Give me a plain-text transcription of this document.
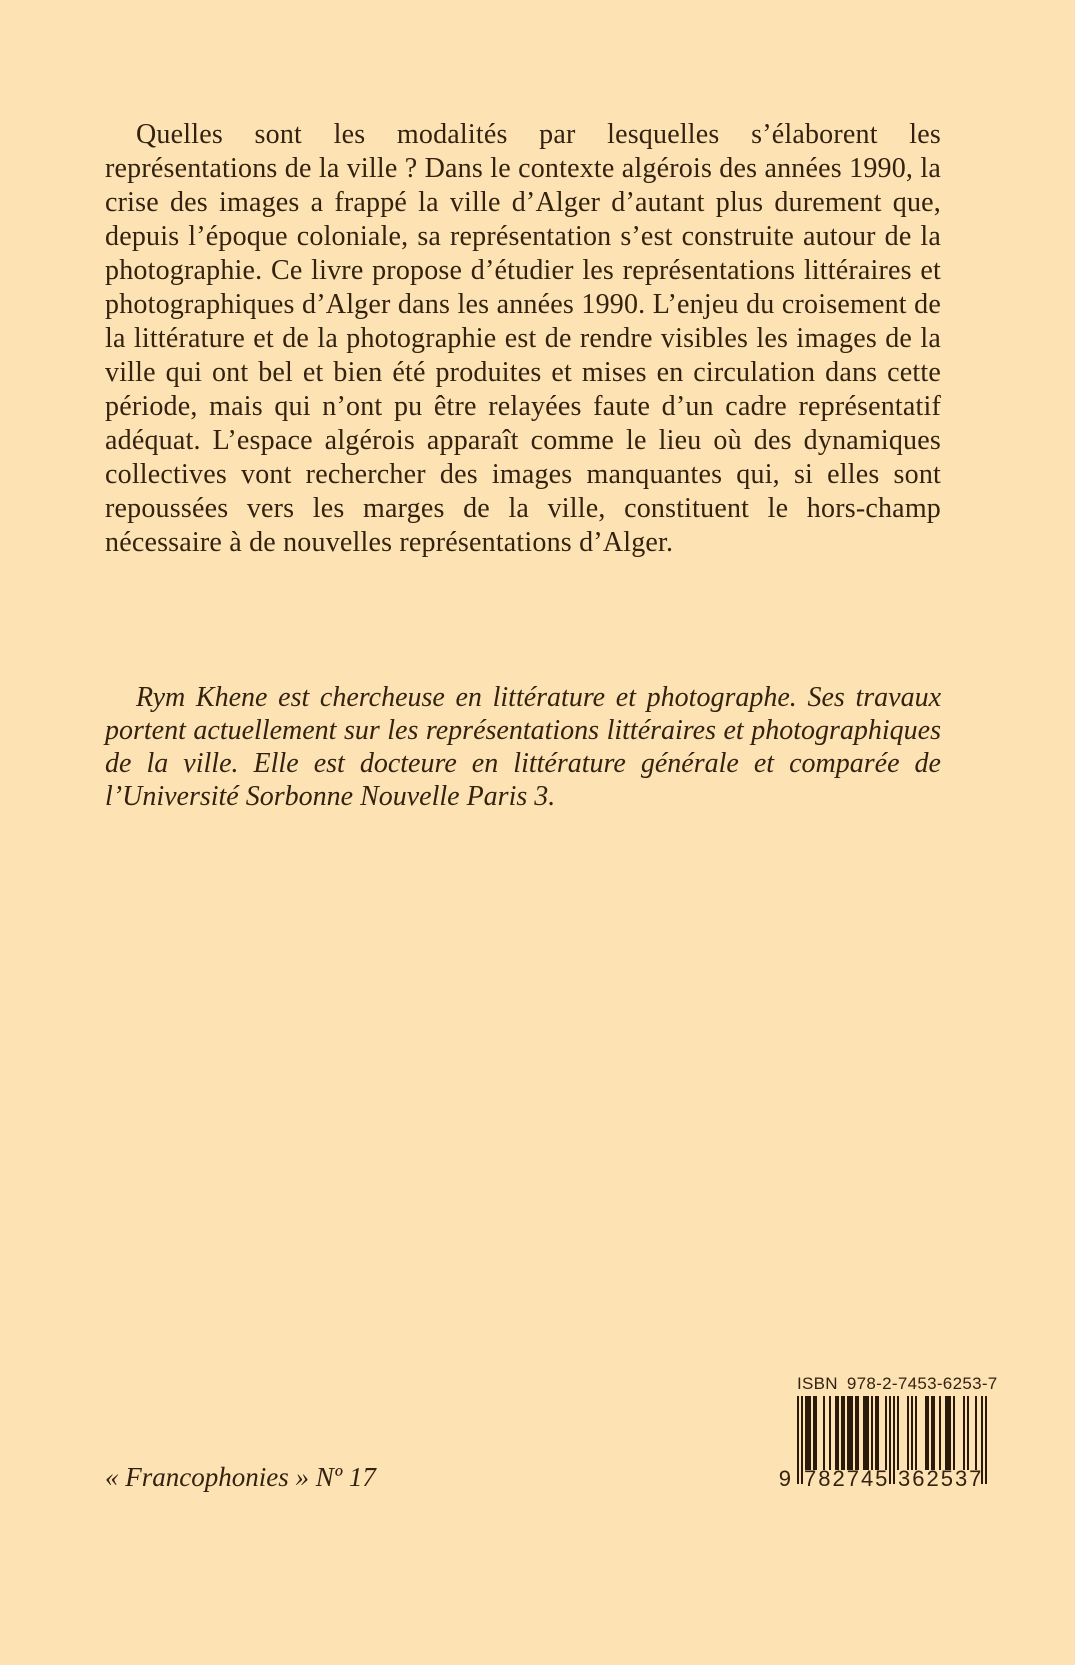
Quelles sont les modalités par lesquelles s’élaborent les représentations de la ville ? Dans le contexte algérois des années 1990, la crise des images a frappé la ville d’Alger d’autant plus durement que, depuis l’époque coloniale, sa représentation s’est construite autour de la photographie. Ce livre propose d’étudier les représentations littéraires et photographiques d’Alger dans les années 1990. L’enjeu du croisement de la littérature et de la photographie est de rendre visibles les images de la ville qui ont bel et bien été produites et mises en circulation dans cette période, mais qui n’ont pu être relayées faute d’un cadre représentatif adéquat. L’espace algérois apparaît comme le lieu où des dynamiques collectives vont rechercher des images manquantes qui, si elles sont repoussées vers les marges de la ville, constituent le hors-champ nécessaire à de nouvelles représentations d’Alger.

Rym Khene est chercheuse en littérature et photographe. Ses travaux portent actuellement sur les représentations littéraires et photographiques de la ville. Elle est docteure en littérature générale et comparée de l’Université Sorbonne Nouvelle Paris 3.

« Francophonies » Nº 17
ISBN 978-2-7453-6253-7
9 782745 362537
